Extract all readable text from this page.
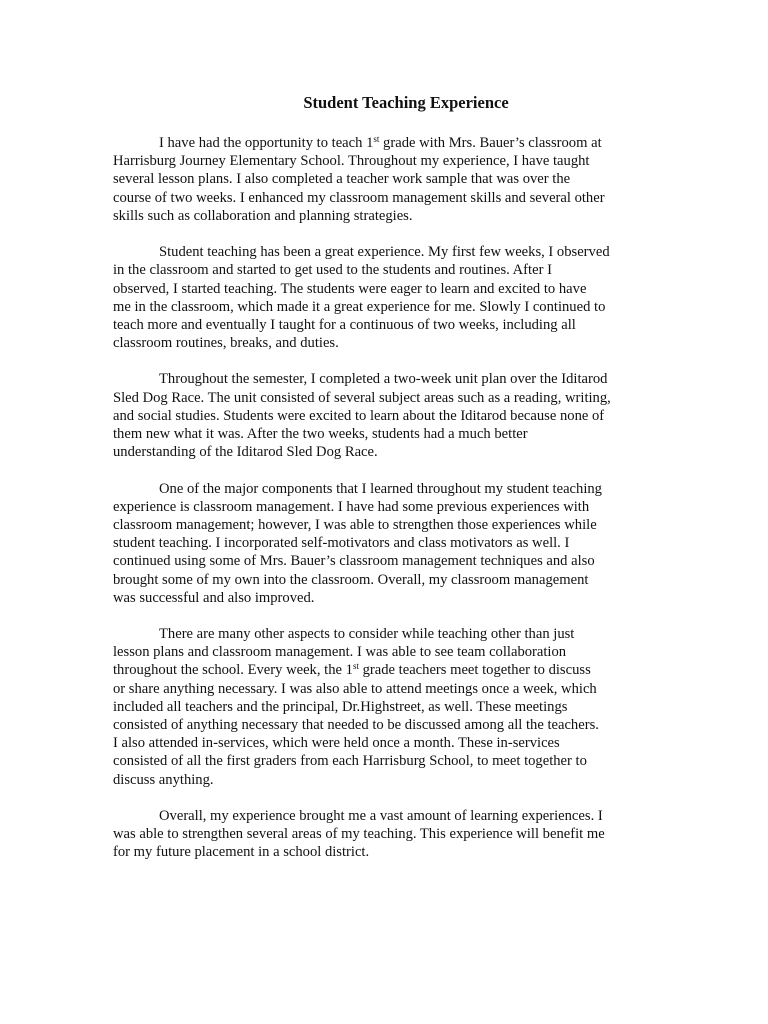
Student Teaching Experience

I have had the opportunity to teach 1st grade with Mrs. Bauer’s classroom at
Harrisburg Journey Elementary School. Throughout my experience, I have taught
several lesson plans. I also completed a teacher work sample that was over the
course of two weeks. I enhanced my classroom management skills and several other
skills such as collaboration and planning strategies.

Student teaching has been a great experience. My first few weeks, I observed
in the classroom and started to get used to the students and routines. After I
observed, I started teaching. The students were eager to learn and excited to have
me in the classroom, which made it a great experience for me. Slowly I continued to
teach more and eventually I taught for a continuous of two weeks, including all
classroom routines, breaks, and duties.

Throughout the semester, I completed a two-week unit plan over the Iditarod
Sled Dog Race. The unit consisted of several subject areas such as a reading, writing,
and social studies. Students were excited to learn about the Iditarod because none of
them new what it was. After the two weeks, students had a much better
understanding of the Iditarod Sled Dog Race.

One of the major components that I learned throughout my student teaching
experience is classroom management. I have had some previous experiences with
classroom management; however, I was able to strengthen those experiences while
student teaching. I incorporated self-motivators and class motivators as well. I
continued using some of Mrs. Bauer’s classroom management techniques and also
brought some of my own into the classroom. Overall, my classroom management
was successful and also improved.

There are many other aspects to consider while teaching other than just
lesson plans and classroom management. I was able to see team collaboration
throughout the school. Every week, the 1st grade teachers meet together to discuss
or share anything necessary. I was also able to attend meetings once a week, which
included all teachers and the principal, Dr.Highstreet, as well. These meetings
consisted of anything necessary that needed to be discussed among all the teachers.
I also attended in-services, which were held once a month. These in-services
consisted of all the first graders from each Harrisburg School, to meet together to
discuss anything.

Overall, my experience brought me a vast amount of learning experiences. I
was able to strengthen several areas of my teaching. This experience will benefit me
for my future placement in a school district.
